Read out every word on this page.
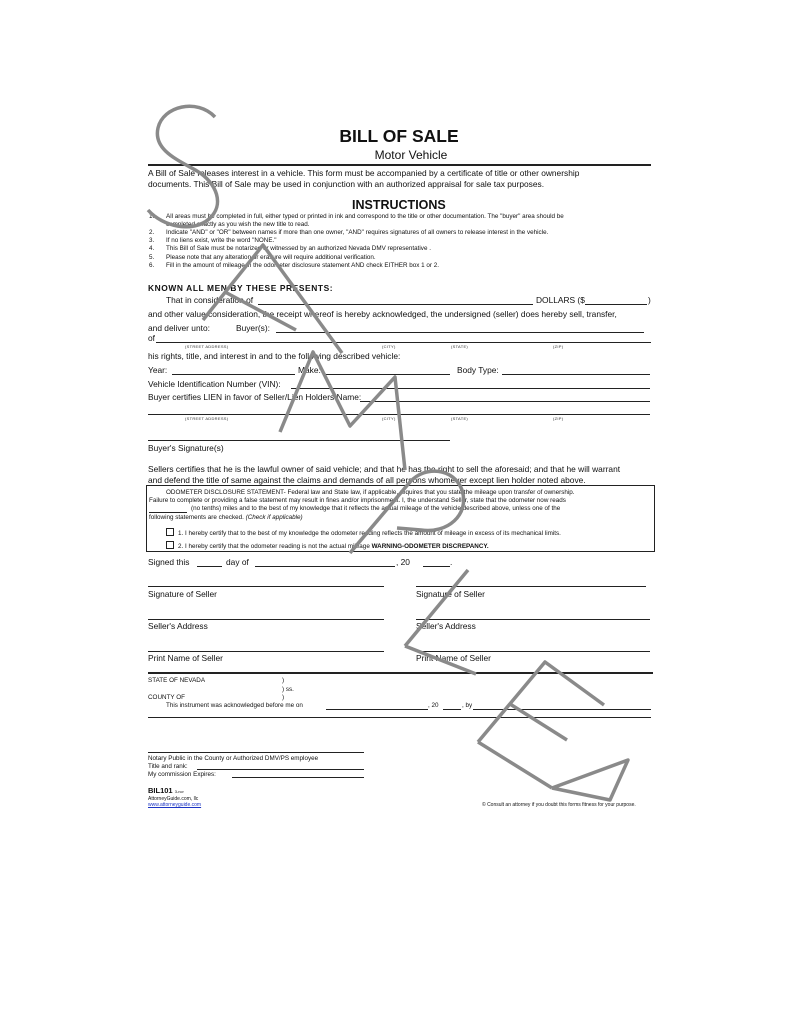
BILL OF SALE
Motor Vehicle
A Bill of Sale releases interest in a vehicle. This form must be accompanied by a certificate of title or other ownership
documents. This Bill of Sale may be used in conjunction with an authorized appraisal for sale tax purposes.
INSTRUCTIONS
1. All areas must be completed in full, either typed or printed in ink and correspond to the title or other documentation. The "buyer" area should be
completed exactly as you wish the new title to read.
2. Indicate "AND" or "OR" between names if more than one owner, "AND" requires signatures of all owners to release interest in the vehicle.
3. If no liens exist, write the word "NONE."
4. This Bill of Sale must be notarized or witnessed by an authorized Nevada DMV representative .
5. Please note that any alteration or erasure will require additional verification.
6. Fill in the amount of mileage in the odometer disclosure statement AND check EITHER box 1 or 2.
KNOWN ALL MEN BY THESE PRESENTS:
That in consideration of	DOLLARS ($	)
and other value consideration, the receipt whereof is hereby acknowledged, the undersigned (seller) does hereby sell, transfer,
and deliver unto:	Buyer(s):
of
(STREET ADDRESS)	(CITY)	(STATE)	(ZIP)
his rights, title, and interest in and to the following described vehicle:
Year:	Make:	Body Type:
Vehicle Identification Number (VIN):
Buyer certifies LIEN in favor of Seller/Lien Holders Name:
(STREET ADDRESS)	(CITY)	(STATE)	(ZIP)
Buyer's Signature(s)
Sellers certifies that he is the lawful owner of said vehicle; and that he has the right to sell the aforesaid; and that he will warrant
and defend the title of same against the claims and demands of all persons whomever except lien holder noted above.
ODOMETER DISCLOSURE STATEMENT- Federal law and State law, if applicable, requires that you state the mileage upon transfer of ownership.
Failure to complete or providing a false statement may result in fines and/or imprisonment. I, the understand Seller, state that the odometer now reads
(no tenths) miles and to the best of my knowledge that it reflects the actual mileage of the vehicle described above, unless one of the
following statements are checked. (Check if applicable)
1. I hereby certify that to the best of my knowledge the odometer reading reflects the amount of mileage in excess of its mechanical limits.
2. I hereby certify that the odometer reading is not the actual mileage WARNING-ODOMETER DISCREPANCY.
Signed this	day of	, 20	.
Signature of Seller	Signature of Seller
Seller's Address	Seller's Address
Print Name of Seller	Print Name of Seller
STATE OF NEVADA	)
) ss.
COUNTY OF	)
This instrument was acknowledged before me on	, 20	, by
Notary Public in the County or Authorized DMV/PS employee
Title and rank:
My commission Expires:
BIL101 3-ncr
AttorneyGuide.com, llc
www.attorneyguide.com	© Consult an attorney if you doubt this forms fitness for your purpose.
